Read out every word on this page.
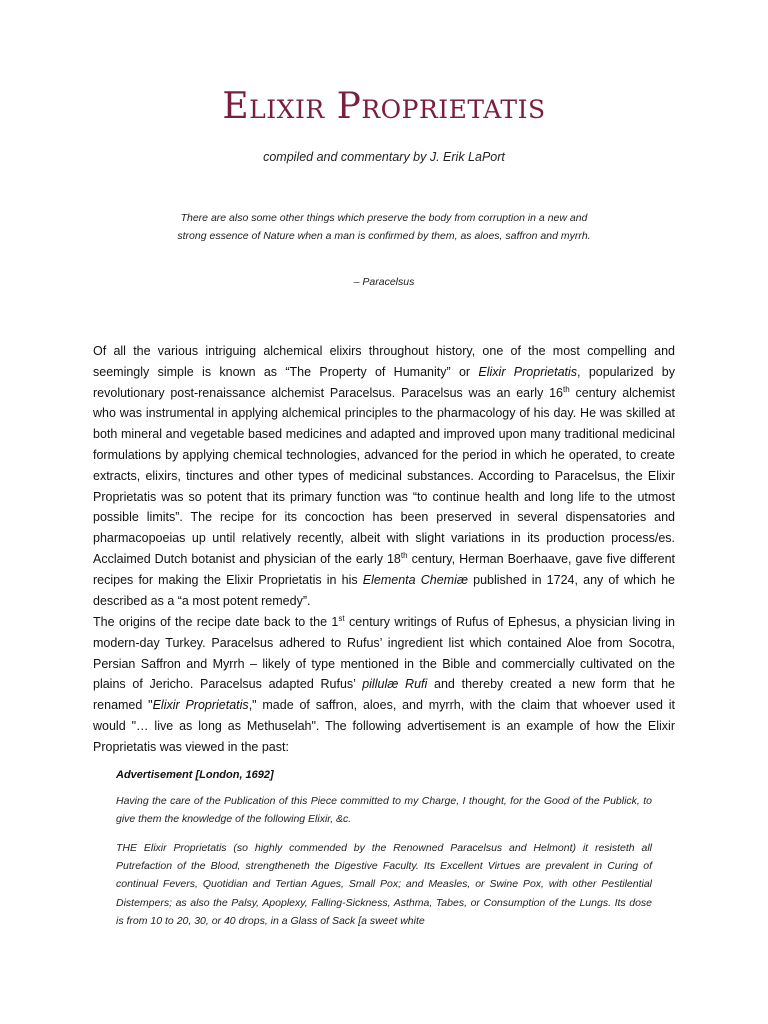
Elixir Proprietatis
compiled and commentary by J. Erik LaPort
There are also some other things which preserve the body from corruption in a new and strong essence of Nature when a man is confirmed by them, as aloes, saffron and myrrh.
– Paracelsus
Of all the various intriguing alchemical elixirs throughout history, one of the most compelling and seemingly simple is known as “The Property of Humanity” or Elixir Proprietatis, popularized by revolutionary post-renaissance alchemist Paracelsus. Paracelsus was an early 16th century alchemist who was instrumental in applying alchemical principles to the pharmacology of his day. He was skilled at both mineral and vegetable based medicines and adapted and improved upon many traditional medicinal formulations by applying chemical technologies, advanced for the period in which he operated, to create extracts, elixirs, tinctures and other types of medicinal substances. According to Paracelsus, the Elixir Proprietatis was so potent that its primary function was “to continue health and long life to the utmost possible limits”. The recipe for its concoction has been preserved in several dispensatories and pharmacopoeias up until relatively recently, albeit with slight variations in its production process/es. Acclaimed Dutch botanist and physician of the early 18th century, Herman Boerhaave, gave five different recipes for making the Elixir Proprietatis in his Elementa Chemiæ published in 1724, any of which he described as a “a most potent remedy”.
The origins of the recipe date back to the 1st century writings of Rufus of Ephesus, a physician living in modern-day Turkey. Paracelsus adhered to Rufus’ ingredient list which contained Aloe from Socotra, Persian Saffron and Myrrh – likely of type mentioned in the Bible and commercially cultivated on the plains of Jericho. Paracelsus adapted Rufus’ pillulæ Rufi and thereby created a new form that he renamed "Elixir Proprietatis," made of saffron, aloes, and myrrh, with the claim that whoever used it would "… live as long as Methuselah". The following advertisement is an example of how the Elixir Proprietatis was viewed in the past:
Advertisement [London, 1692]
Having the care of the Publication of this Piece committed to my Charge, I thought, for the Good of the Publick, to give them the knowledge of the following Elixir, &c.
THE Elixir Proprietatis (so highly commended by the Renowned Paracelsus and Helmont) it resisteth all Putrefaction of the Blood, strengtheneth the Digestive Faculty. Its Excellent Virtues are prevalent in Curing of continual Fevers, Quotidian and Tertian Agues, Small Pox; and Measles, or Swine Pox, with other Pestilential Distempers; as also the Palsy, Apoplexy, Falling-Sickness, Asthma, Tabes, or Consumption of the Lungs. Its dose is from 10 to 20, 30, or 40 drops, in a Glass of Sack [a sweet white
